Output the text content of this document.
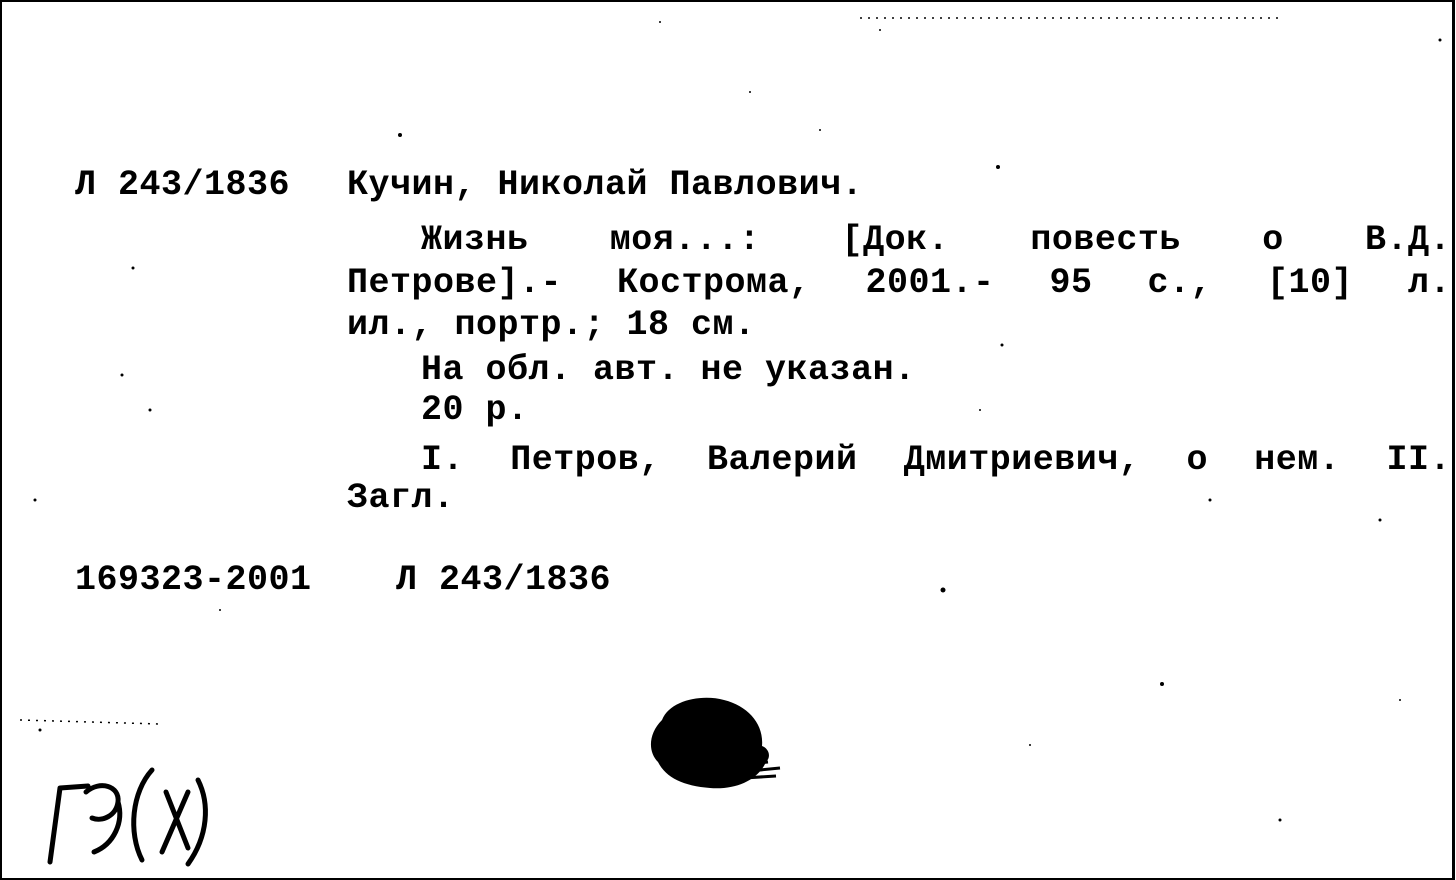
Л 243/1836 Кучин, Николай Павлович.
Жизнь моя...: [Док. повесть о В.Д.
Петрове].- Кострома, 2001.- 95 с., [10] л.
ил., портр.; 18 см.
На обл. авт. не указан.
20 р.
I. Петров, Валерий Дмитриевич, о нем. II.
Загл.
169323-2001 Л 243/1836
